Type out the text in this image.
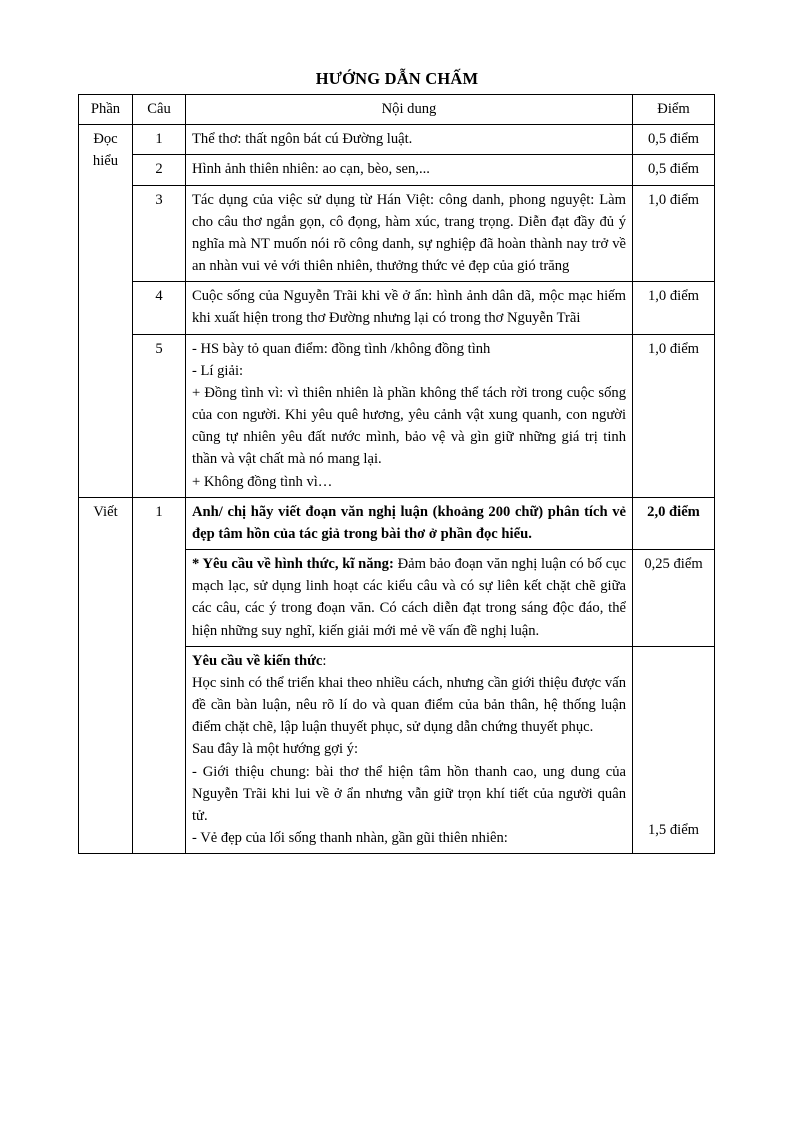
HƯỚNG DẪN CHẤM
Phần	Câu	Nội dung	Điểm
Đọc hiểu	1	Thể thơ: thất ngôn bát cú Đường luật.	0,5 điểm
	2	Hình ảnh thiên nhiên: ao cạn, bèo, sen,...	0,5 điểm
	3	Tác dụng của việc sử dụng từ Hán Việt: công danh, phong nguyệt: Làm cho câu thơ ngắn gọn, cô đọng, hàm xúc, trang trọng. Diễn đạt đầy đủ ý nghĩa mà NT muốn nói rõ công danh, sự nghiệp đã hoàn thành nay trở về an nhàn vui vẻ với thiên nhiên, thưởng thức vẻ đẹp của gió trăng	1,0 điểm
	4	Cuộc sống của Nguyễn Trãi khi về ở ẩn: hình ảnh dân dã, mộc mạc hiếm khi xuất hiện trong thơ Đường nhưng lại có trong thơ Nguyễn Trãi	1,0 điểm
	5	- HS bày tỏ quan điểm: đồng tình /không đồng tình

- Lí giải:

+ Đồng tình vì: vì thiên nhiên là phần không thể tách rời trong cuộc sống của con người. Khi yêu quê hương, yêu cảnh vật xung quanh, con người cũng tự nhiên yêu đất nước mình, bảo vệ và gìn giữ những giá trị tinh thần và vật chất mà nó mang lại.

+ Không đồng tình vì…	1,0 điểm
Viết	1	Anh/ chị hãy viết đoạn văn nghị luận (khoảng 200 chữ) phân tích vẻ đẹp tâm hồn của tác giả trong bài thơ ở phần đọc hiểu.	2,0 điểm
		* Yêu cầu về hình thức, kĩ năng: Đảm bảo đoạn văn nghị luận có bố cục mạch lạc, sử dụng linh hoạt các kiểu câu và có sự liên kết chặt chẽ giữa các câu, các ý trong đoạn văn. Có cách diễn đạt trong sáng độc đáo, thể hiện những suy nghĩ, kiến giải mới mẻ về vấn đề nghị luận.	0,25 điểm

		Yêu cầu về kiến thức:

Học sinh có thể triển khai theo nhiều cách, nhưng cần giới thiệu được vấn đề cần bàn luận, nêu rõ lí do và quan điểm của bản thân, hệ thống luận điểm chặt chẽ, lập luận thuyết phục, sử dụng dẫn chứng thuyết phục.

Sau đây là một hướng gợi ý:

- Giới thiệu chung: bài thơ thể hiện tâm hồn thanh cao, ung dung của Nguyễn Trãi khi lui về ở ẩn nhưng vẫn giữ trọn khí tiết của người quân tử.

- Vẻ đẹp của lối sống thanh nhàn, gần gũi thiên nhiên:	1,5 điểm
